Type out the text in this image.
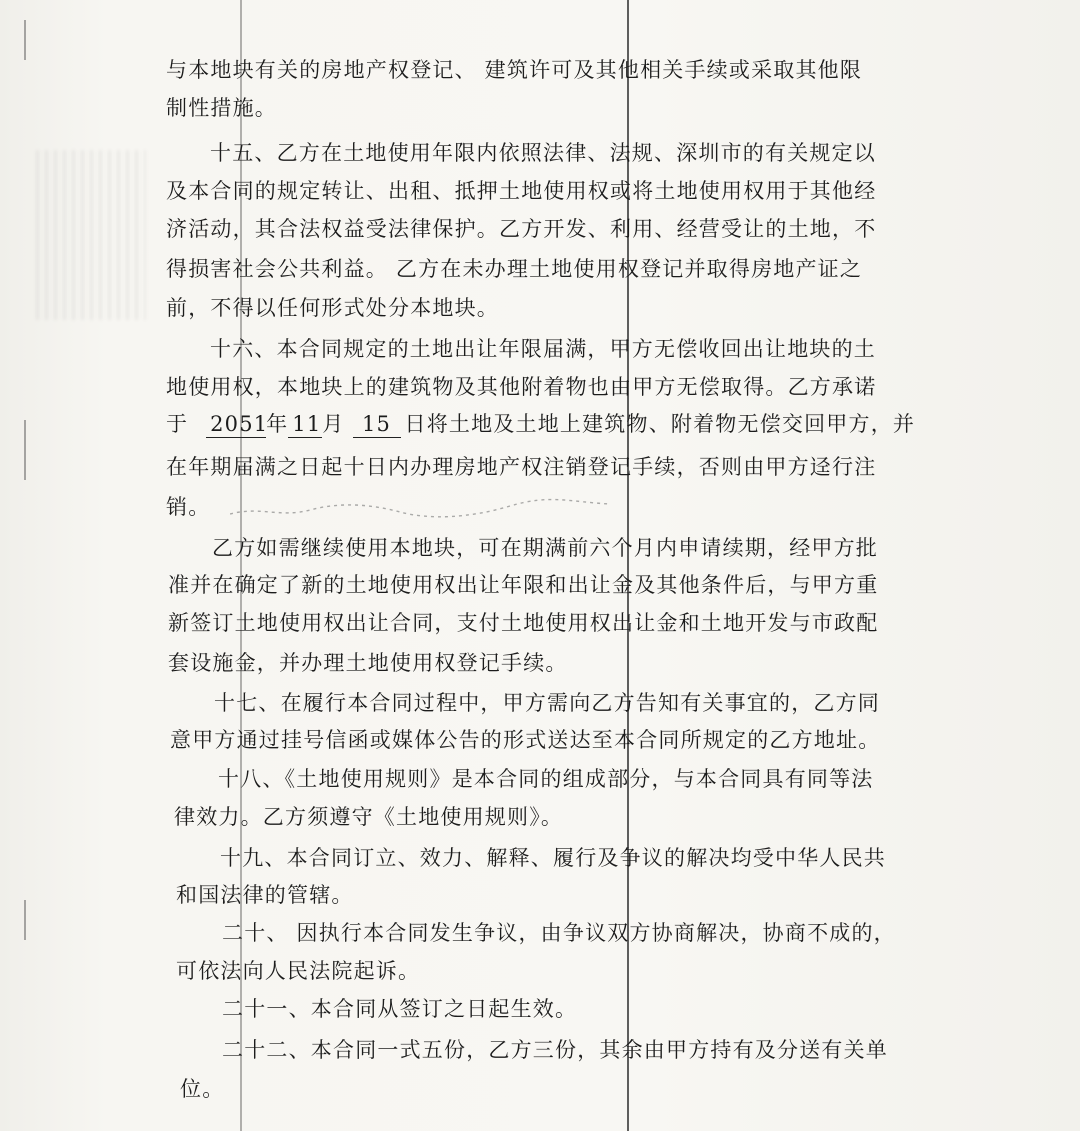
与本地块有关的房地产权登记、 建筑许可及其他相关手续或采取其他限
制性措施。
十五、乙方在土地使用年限内依照法律、法规、深圳市的有关规定以
及本合同的规定转让、出租、抵押土地使用权或将土地使用权用于其他经
济活动，其合法权益受法律保护。乙方开发、利用、经营受让的土地，不
得损害社会公共利益。 乙方在未办理土地使用权登记并取得房地产证之
前，不得以任何形式处分本地块。
十六、本合同规定的土地出让年限届满，甲方无偿收回出让地块的土
地使用权，本地块上的建筑物及其他附着物也由甲方无偿取得。乙方承诺
于 2051年 11月 15 日将土地及土地上建筑物、附着物无偿交回甲方，并
在年期届满之日起十日内办理房地产权注销登记手续，否则由甲方迳行注
销。
乙方如需继续使用本地块，可在期满前六个月内申请续期，经甲方批
准并在确定了新的土地使用权出让年限和出让金及其他条件后，与甲方重
新签订土地使用权出让合同，支付土地使用权出让金和土地开发与市政配
套设施金，并办理土地使用权登记手续。
十七、在履行本合同过程中，甲方需向乙方告知有关事宜的，乙方同
意甲方通过挂号信函或媒体公告的形式送达至本合同所规定的乙方地址。
十八、《土地使用规则》是本合同的组成部分，与本合同具有同等法
律效力。乙方须遵守《土地使用规则》。
十九、本合同订立、效力、解释、履行及争议的解决均受中华人民共
和国法律的管辖。
二十、 因执行本合同发生争议，由争议双方协商解决，协商不成的，
可依法向人民法院起诉。
二十一、本合同从签订之日起生效。
二十二、本合同一式五份，乙方三份，其余由甲方持有及分送有关单
位。
